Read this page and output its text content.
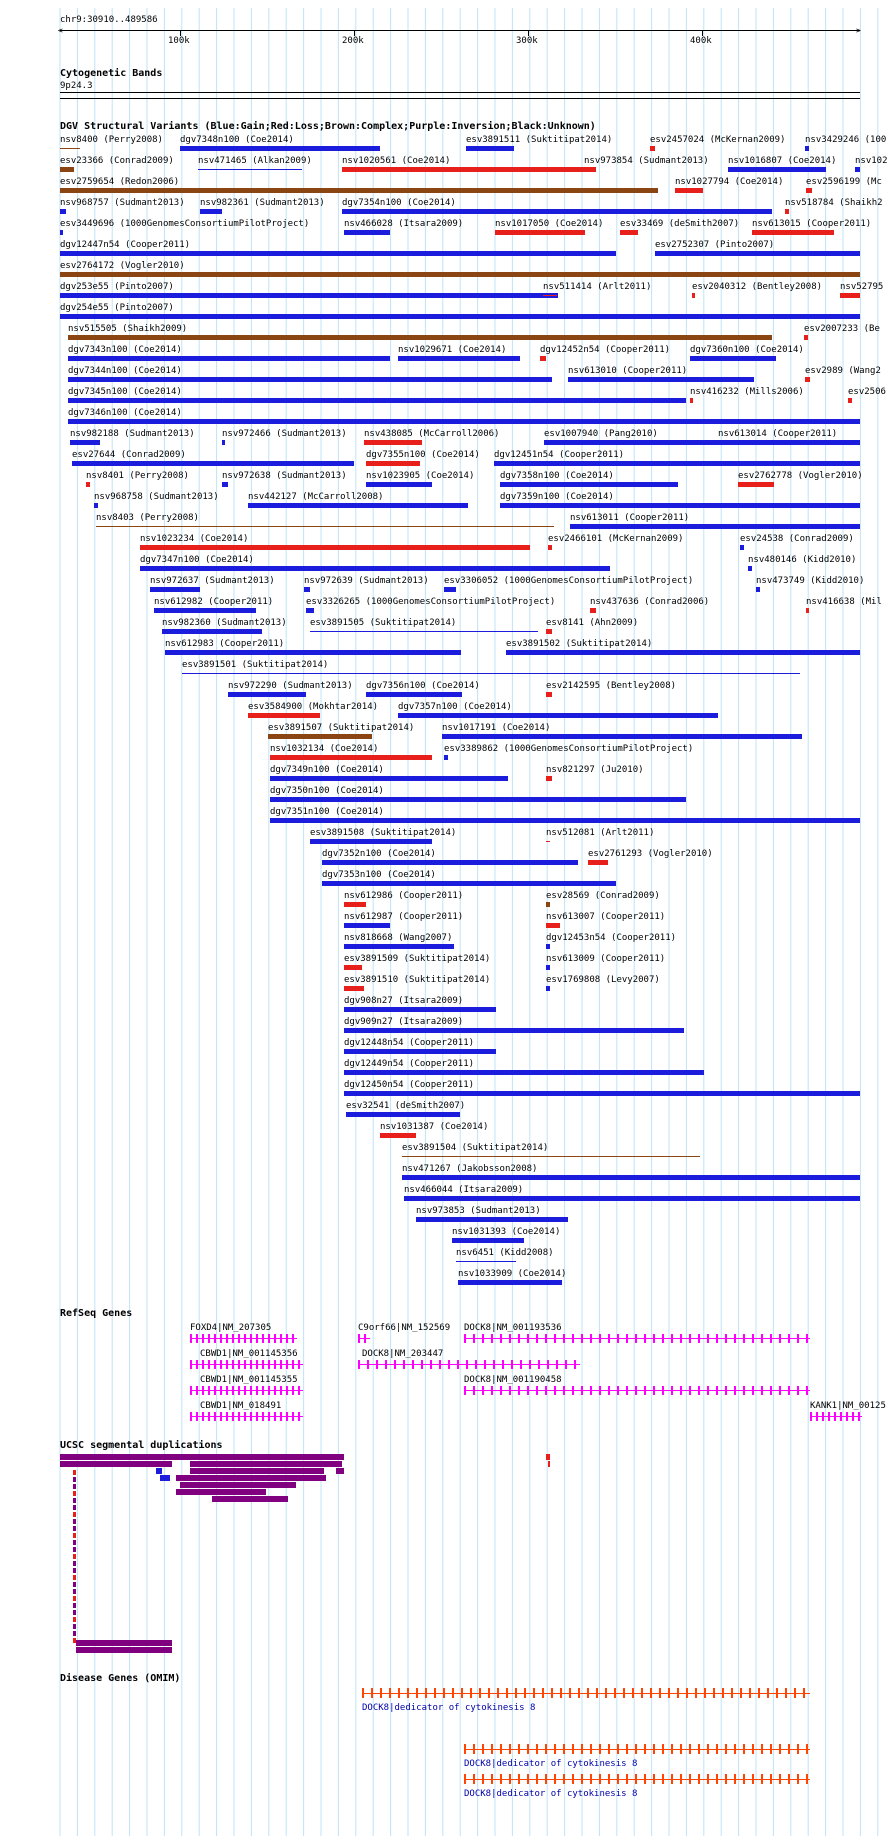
chr9:30910..489586
>
<
100k	200k	300k	400k
Cytogenetic Bands
9p24.3
DGV Structural Variants (Blue:Gain;Red:Loss;Brown:Complex;Purple:Inversion;Black:Unknown)
nsv8400 (Perry2008) dgv7348n100 (Coe2014)	esv3891511 (Suktitipat2014)	esv2457024 (McKernan2009) nsv3429246 (100
esv23366 (Conrad2009)	nsv471465 (Alkan2009)	nsv1020561 (Coe2014)	nsv973854 (Sudmant2013) nsv1016807 (Coe2014) nsv102
esv2759654 (Redon2006)	nsv1027794 (Coe2014)	esv2596199 (Mc
nsv968757 (Sudmant2013) nsv982361 (Sudmant2013) dgv7354n100 (Coe2014)	nsv518784 (Shaikh2
esv3449696 (1000GenomesConsortiumPilotProject)	nsv466028 (Itsara2009)	nsv1017050 (Coe2014) esv33469 (deSmith2007) nsv613015 (Cooper2011)
dgv12447n54 (Cooper2011)	esv2752307 (Pinto2007)
esv2764172 (Vogler2010)
dgv253e55 (Pinto2007)	nsv511414 (Arlt2011)	esv2040312 (Bentley2008) nsv52795
dgv254e55 (Pinto2007)
nsv515505 (Shaikh2009)	esv2007233 (Be
dgv7343n100 (Coe2014)	nsv1029671 (Coe2014)	dgv12452n54 (Cooper2011) dgv7360n100 (Coe2014)
dgv7344n100 (Coe2014)	nsv613010 (Cooper2011)	esv2989 (Wang2
dgv7345n100 (Coe2014)	nsv416232 (Mills2006)	esv2506
dgv7346n100 (Coe2014)
nsv982188 (Sudmant2013)	nsv972466 (Sudmant2013) nsv438085 (McCarroll2006)	esv1007940 (Pang2010)	nsv613014 (Cooper2011)
esv27644 (Conrad2009)	dgv7355n100 (Coe2014) dgv12451n54 (Cooper2011)
nsv8401 (Perry2008)	nsv972638 (Sudmant2013) nsv1023905 (Coe2014)	dgv7358n100 (Coe2014)	esv2762778 (Vogler2010)
nsv968758 (Sudmant2013)	nsv442127 (McCarroll2008)	dgv7359n100 (Coe2014)
nsv8403 (Perry2008)	nsv613011 (Cooper2011)
nsv1023234 (Coe2014)	esv2466101 (McKernan2009)	esv24538 (Conrad2009)
dgv7347n100 (Coe2014)	nsv480146 (Kidd2010)
nsv972637 (Sudmant2013)	nsv972639 (Sudmant2013) esv3306052 (1000GenomesConsortiumPilotProject)	nsv473749 (Kidd2010)
nsv612982 (Cooper2011)	esv3326265 (1000GenomesConsortiumPilotProject)	nsv437636 (Conrad2006)	nsv416638 (Mil
nsv982360 (Sudmant2013)	esv3891505 (Suktitipat2014)	esv8141 (Ahn2009)
nsv612983 (Cooper2011)	esv3891502 (Suktitipat2014)
esv3891501 (Suktitipat2014)
nsv972290 (Sudmant2013) dgv7356n100 (Coe2014)	esv2142595 (Bentley2008)
esv3584900 (Mokhtar2014) dgv7357n100 (Coe2014)
esv3891507 (Suktitipat2014)	nsv1017191 (Coe2014)
nsv1032134 (Coe2014)	esv3389862 (1000GenomesConsortiumPilotProject)
dgv7349n100 (Coe2014)	nsv821297 (Ju2010)
dgv7350n100 (Coe2014)
dgv7351n100 (Coe2014)
esv3891508 (Suktitipat2014)	nsv512081 (Arlt2011)
dgv7352n100 (Coe2014)	esv2761293 (Vogler2010)
dgv7353n100 (Coe2014)
nsv612986 (Cooper2011)	esv28569 (Conrad2009)
nsv612987 (Cooper2011)	nsv613007 (Cooper2011)
nsv818668 (Wang2007)	dgv12453n54 (Cooper2011)
esv3891509 (Suktitipat2014)	nsv613009 (Cooper2011)
esv3891510 (Suktitipat2014)	esv1769808 (Levy2007)
dgv908n27 (Itsara2009)
dgv909n27 (Itsara2009)
dgv12448n54 (Cooper2011)
dgv12449n54 (Cooper2011)
dgv12450n54 (Cooper2011)
esv32541 (deSmith2007)
nsv1031387 (Coe2014)
esv3891504 (Suktitipat2014)
nsv471267 (Jakobsson2008)
nsv466044 (Itsara2009)
nsv973853 (Sudmant2013)
nsv1031393 (Coe2014)
nsv6451 (Kidd2008)
nsv1033909 (Coe2014)
RefSeq Genes
FOXD4|NM_207305	C9orf66|NM_152569 DOCK8|NM_001193536
CBWD1|NM_001145356	DOCK8|NM_203447
CBWD1|NM_001145355	DOCK8|NM_001190458
CBWD1|NM_018491	KANK1|NM_00125
UCSC segmental duplications
Disease Genes (OMIM)
DOCK8|dedicator of cytokinesis 8
DOCK8|dedicator of cytokinesis 8
DOCK8|dedicator of cytokinesis 8
